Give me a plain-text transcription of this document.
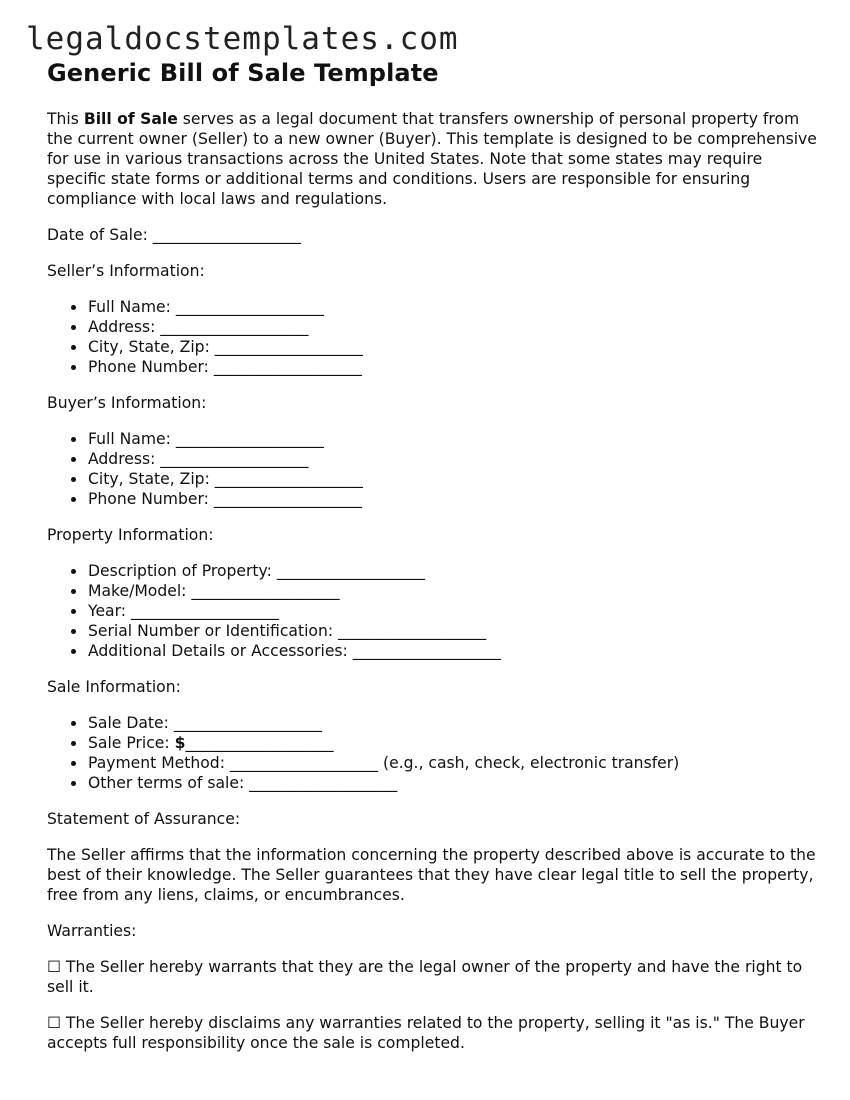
legaldocstemplates.com
Generic Bill of Sale Template

This Bill of Sale serves as a legal document that transfers ownership of personal property from the current owner (Seller) to a new owner (Buyer). This template is designed to be comprehensive for use in various transactions across the United States. Note that some states may require specific state forms or additional terms and conditions. Users are responsible for ensuring compliance with local laws and regulations.

Date of Sale: ___________________

Seller’s Information:

Full Name: ___________________
Address: ___________________
City, State, Zip: ___________________
Phone Number: ___________________

Buyer’s Information:

Full Name: ___________________
Address: ___________________
City, State, Zip: ___________________
Phone Number: ___________________

Property Information:

Description of Property: ___________________
Make/Model: ___________________
Year: ___________________
Serial Number or Identification: ___________________
Additional Details or Accessories: ___________________

Sale Information:

Sale Date: ___________________
Sale Price: $___________________
Payment Method: ___________________ (e.g., cash, check, electronic transfer)
Other terms of sale: ___________________

Statement of Assurance:

The Seller affirms that the information concerning the property described above is accurate to the best of their knowledge. The Seller guarantees that they have clear legal title to sell the property, free from any liens, claims, or encumbrances.

Warranties:

☐ The Seller hereby warrants that they are the legal owner of the property and have the right to sell it.

☐ The Seller hereby disclaims any warranties related to the property, selling it "as is." The Buyer accepts full responsibility once the sale is completed.
